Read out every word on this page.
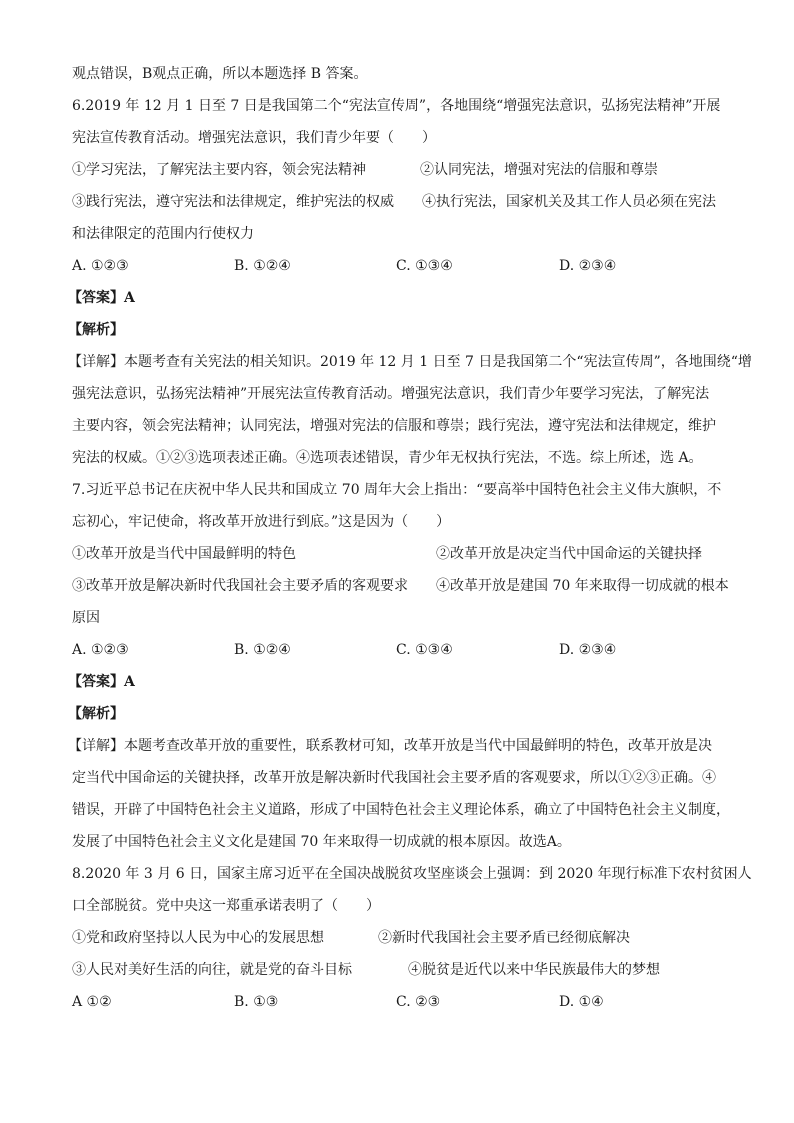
观点错误，B观点正确，所以本题选择 B 答案。
6.2019 年 12 月 1 日至 7 日是我国第二个“宪法宣传周”，各地围绕“增强宪法意识，弘扬宪法精神”开展
宪法宣传教育活动。增强宪法意识，我们青少年要（　　）
①学习宪法，了解宪法主要内容，领会宪法精神	②认同宪法，增强对宪法的信服和尊崇
③践行宪法，遵守宪法和法律规定，维护宪法的权威 ④执行宪法，国家机关及其工作人员必须在宪法
和法律限定的范围内行使权力
A. ①②③	B. ①②④	C. ①③④	D. ②③④
【答案】A
【解析】
【详解】本题考查有关宪法的相关知识。2019 年 12 月 1 日至 7 日是我国第二个“宪法宣传周”，各地围绕“增
强宪法意识，弘扬宪法精神”开展宪法宣传教育活动。增强宪法意识，我们青少年要学习宪法，了解宪法
主要内容，领会宪法精神；认同宪法，增强对宪法的信服和尊崇；践行宪法，遵守宪法和法律规定，维护
宪法的权威。①②③选项表述正确。④选项表述错误，青少年无权执行宪法，不选。综上所述，选 A。
7.习近平总书记在庆祝中华人民共和国成立 70 周年大会上指出：“要高举中国特色社会主义伟大旗帜，不
忘初心，牢记使命，将改革开放进行到底。”这是因为（　　）
①改革开放是当代中国最鲜明的特色	②改革开放是决定当代中国命运的关键抉择
③改革开放是解决新时代我国社会主要矛盾的客观要求 ④改革开放是建国 70 年来取得一切成就的根本
原因
A. ①②③	B. ①②④	C. ①③④	D. ②③④
【答案】A
【解析】
【详解】本题考查改革开放的重要性，联系教材可知，改革开放是当代中国最鲜明的特色，改革开放是决
定当代中国命运的关键抉择，改革开放是解决新时代我国社会主要矛盾的客观要求，所以①②③正确。④
错误，开辟了中国特色社会主义道路，形成了中国特色社会主义理论体系，确立了中国特色社会主义制度，
发展了中国特色社会主义文化是建国 70 年来取得一切成就的根本原因。故选A。
8.2020 年 3 月 6 日，国家主席习近平在全国决战脱贫攻坚座谈会上强调：到 2020 年现行标准下农村贫困人
口全部脱贫。党中央这一郑重承诺表明了（　　）
①党和政府坚持以人民为中心的发展思想	②新时代我国社会主要矛盾已经彻底解决
③人民对美好生活的向往，就是党的奋斗目标	④脱贫是近代以来中华民族最伟大的梦想
A ①②	B. ①③	C. ②③	D. ①④
